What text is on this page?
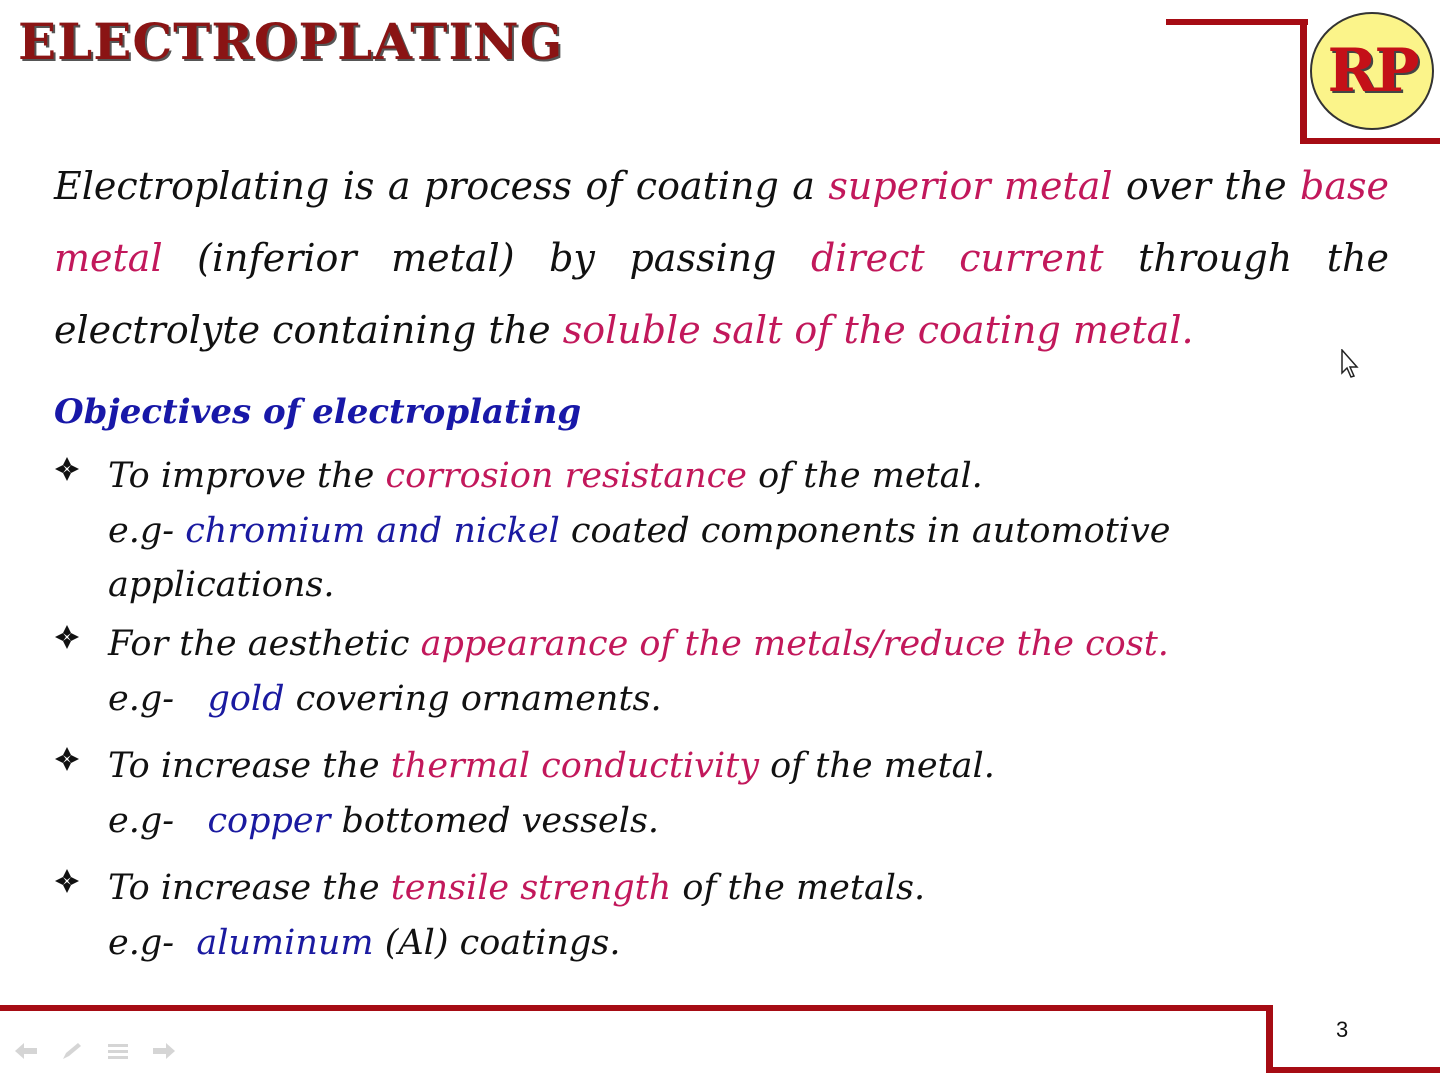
ELECTROPLATING	RP

Electroplating is a process of coating a superior metal over the base metal (inferior metal) by passing direct current through the electrolyte containing the soluble salt of the coating metal.

Objectives of electroplating

To improve the corrosion resistance of the metal.

e.g- chromium and nickel coated components in automotive applications.

For the aesthetic appearance of the metals/reduce the cost.

e.g-   gold covering ornaments.

To increase the thermal conductivity of the metal.

e.g-   copper bottomed vessels.

To increase the tensile strength of the metals.

e.g-  aluminum (Al) coatings.

3
